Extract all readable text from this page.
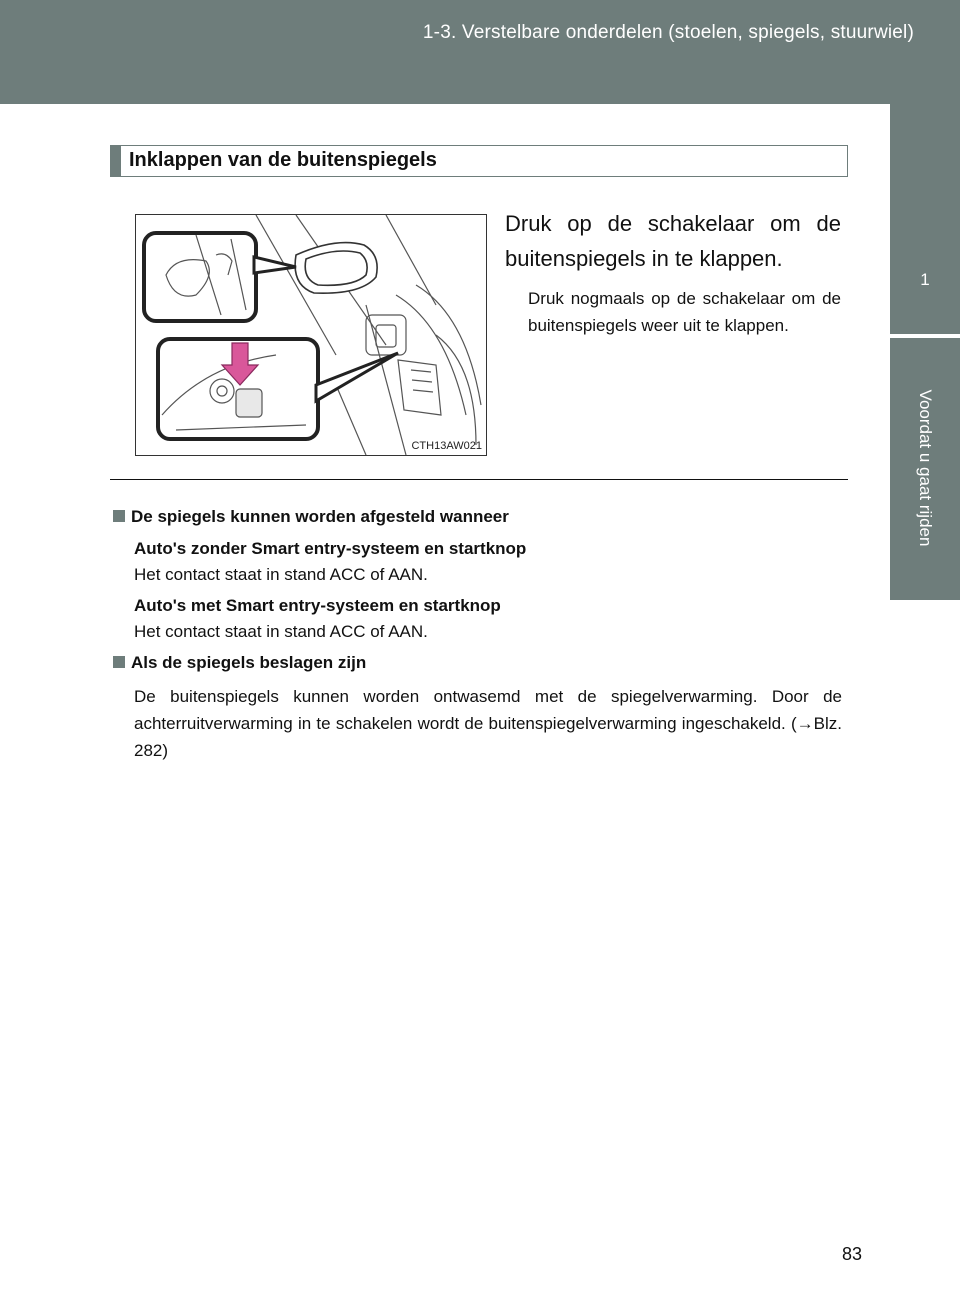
1-3. Verstelbare onderdelen (stoelen, spiegels, stuurwiel)
1
Voordat u gaat rijden
Inklappen van de buitenspiegels
CTH13AW021
Druk op de schakelaar om de buitenspiegels in te klappen.
Druk nogmaals op de schakelaar om de buitenspiegels weer uit te klappen.
De spiegels kunnen worden afgesteld wanneer
Auto's zonder Smart entry-systeem en startknop
Het contact staat in stand ACC of AAN.
Auto's met Smart entry-systeem en startknop
Het contact staat in stand ACC of AAN.
Als de spiegels beslagen zijn
De buitenspiegels kunnen worden ontwasemd met de spiegelverwarming. Door de achterruitverwarming in te schakelen wordt de buitenspiegelverwarming ingeschakeld. (→Blz. 282)
83
